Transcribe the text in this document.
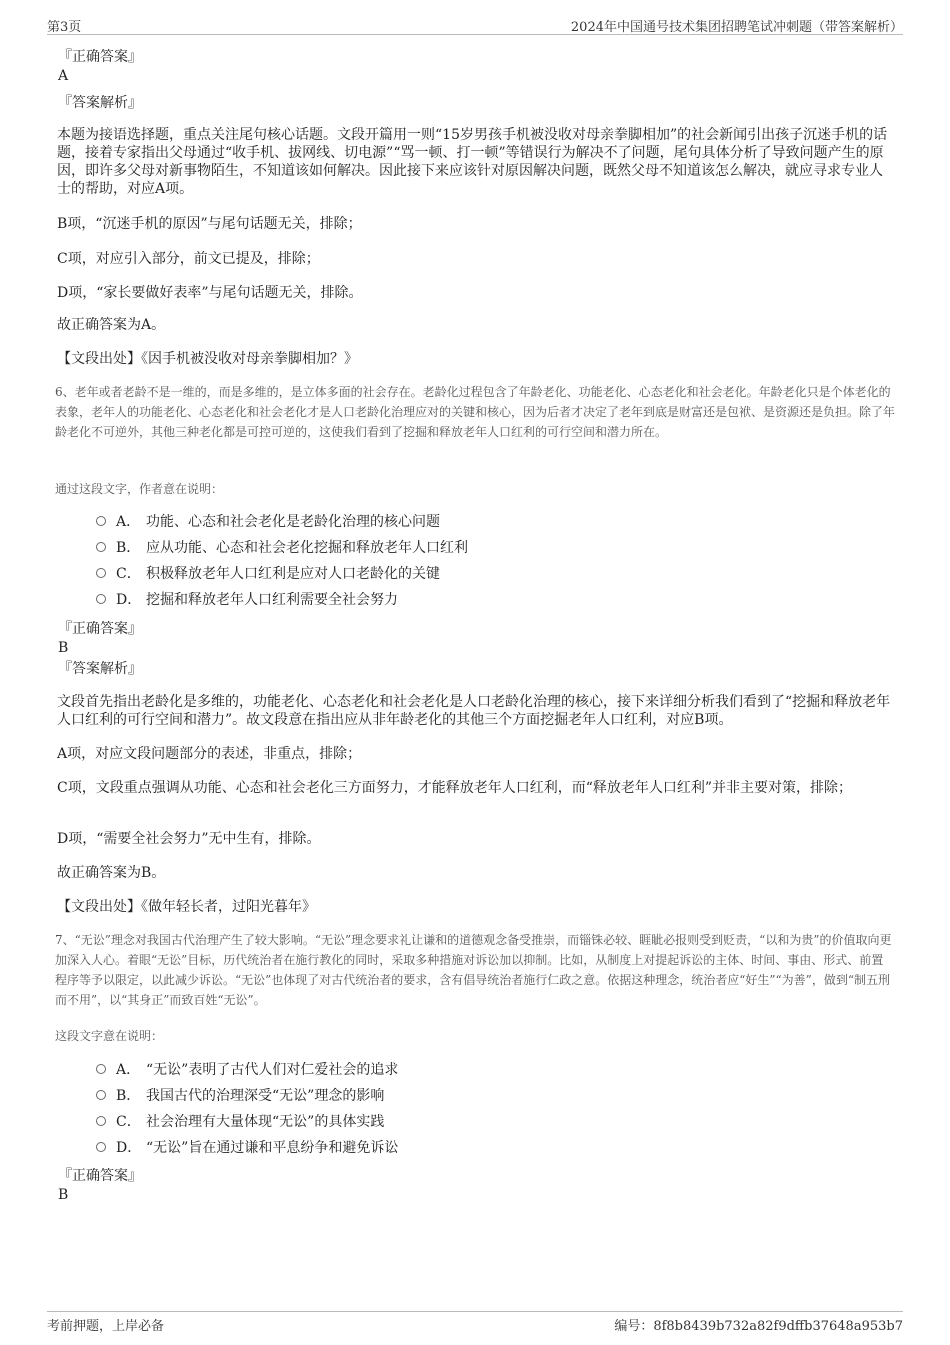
第3页	2024年中国通号技术集团招聘笔试冲刺题（带答案解析）
『正确答案』
A
『答案解析』

本题为接语选择题，重点关注尾句核心话题。文段开篇用一则“15岁男孩手机被没收对母亲拳脚相加”的社会新闻引出孩子沉迷手机的话题，接着专家指出父母通过“收手机、拔网线、切电源”“骂一顿、打一顿”等错误行为解决不了问题，尾句具体分析了导致问题产生的原因，即许多父母对新事物陌生，不知道该如何解决。因此接下来应该针对原因解决问题，既然父母不知道该怎么解决，就应寻求专业人士的帮助，对应A项。

B项，“沉迷手机的原因”与尾句话题无关，排除；

C项，对应引入部分，前文已提及，排除；

D项，“家长要做好表率”与尾句话题无关，排除。

故正确答案为A。

【文段出处】《因手机被没收对母亲拳脚相加？》

6、老年或者老龄不是一维的，而是多维的，是立体多面的社会存在。老龄化过程包含了年龄老化、功能老化、心态老化和社会老化。年龄老化只是个体老化的表象，老年人的功能老化、心态老化和社会老化才是人口老龄化治理应对的关键和核心，因为后者才决定了老年到底是财富还是包袱、是资源还是负担。除了年龄老化不可逆外，其他三种老化都是可控可逆的，这使我们看到了挖掘和释放老年人口红利的可行空间和潜力所在。

通过这段文字，作者意在说明：
A． 功能、心态和社会老化是老龄化治理的核心问题
B． 应从功能、心态和社会老化挖掘和释放老年人口红利
C． 积极释放老年人口红利是应对人口老龄化的关键
D． 挖掘和释放老年人口红利需要全社会努力
『正确答案』
B
『答案解析』

文段首先指出老龄化是多维的，功能老化、心态老化和社会老化是人口老龄化治理的核心，接下来详细分析我们看到了“挖掘和释放老年人口红利的可行空间和潜力”。故文段意在指出应从非年龄老化的其他三个方面挖掘老年人口红利，对应B项。

A项，对应文段问题部分的表述，非重点，排除；

C项，文段重点强调从功能、心态和社会老化三方面努力，才能释放老年人口红利，而“释放老年人口红利”并非主要对策，排除；

D项，“需要全社会努力”无中生有，排除。

故正确答案为B。

【文段出处】《做年轻长者，过阳光暮年》

7、“无讼”理念对我国古代治理产生了较大影响。“无讼”理念要求礼让谦和的道德观念备受推崇，而锱铢必较、睚眦必报则受到贬责，“以和为贵”的价值取向更加深入人心。着眼“无讼”目标，历代统治者在施行教化的同时，采取多种措施对诉讼加以抑制。比如，从制度上对提起诉讼的主体、时间、事由、形式、前置程序等予以限定，以此减少诉讼。“无讼”也体现了对古代统治者的要求，含有倡导统治者施行仁政之意。依据这种理念，统治者应“好生”“为善”，做到“制五刑而不用”，以“其身正”而致百姓“无讼”。

这段文字意在说明：
A． “无讼”表明了古代人们对仁爱社会的追求
B． 我国古代的治理深受“无讼”理念的影响
C． 社会治理有大量体现“无讼”的具体实践
D． “无讼”旨在通过谦和平息纷争和避免诉讼
『正确答案』
B
考前押题，上岸必备	编号：8f8b8439b732a82f9dffb37648a953b7
